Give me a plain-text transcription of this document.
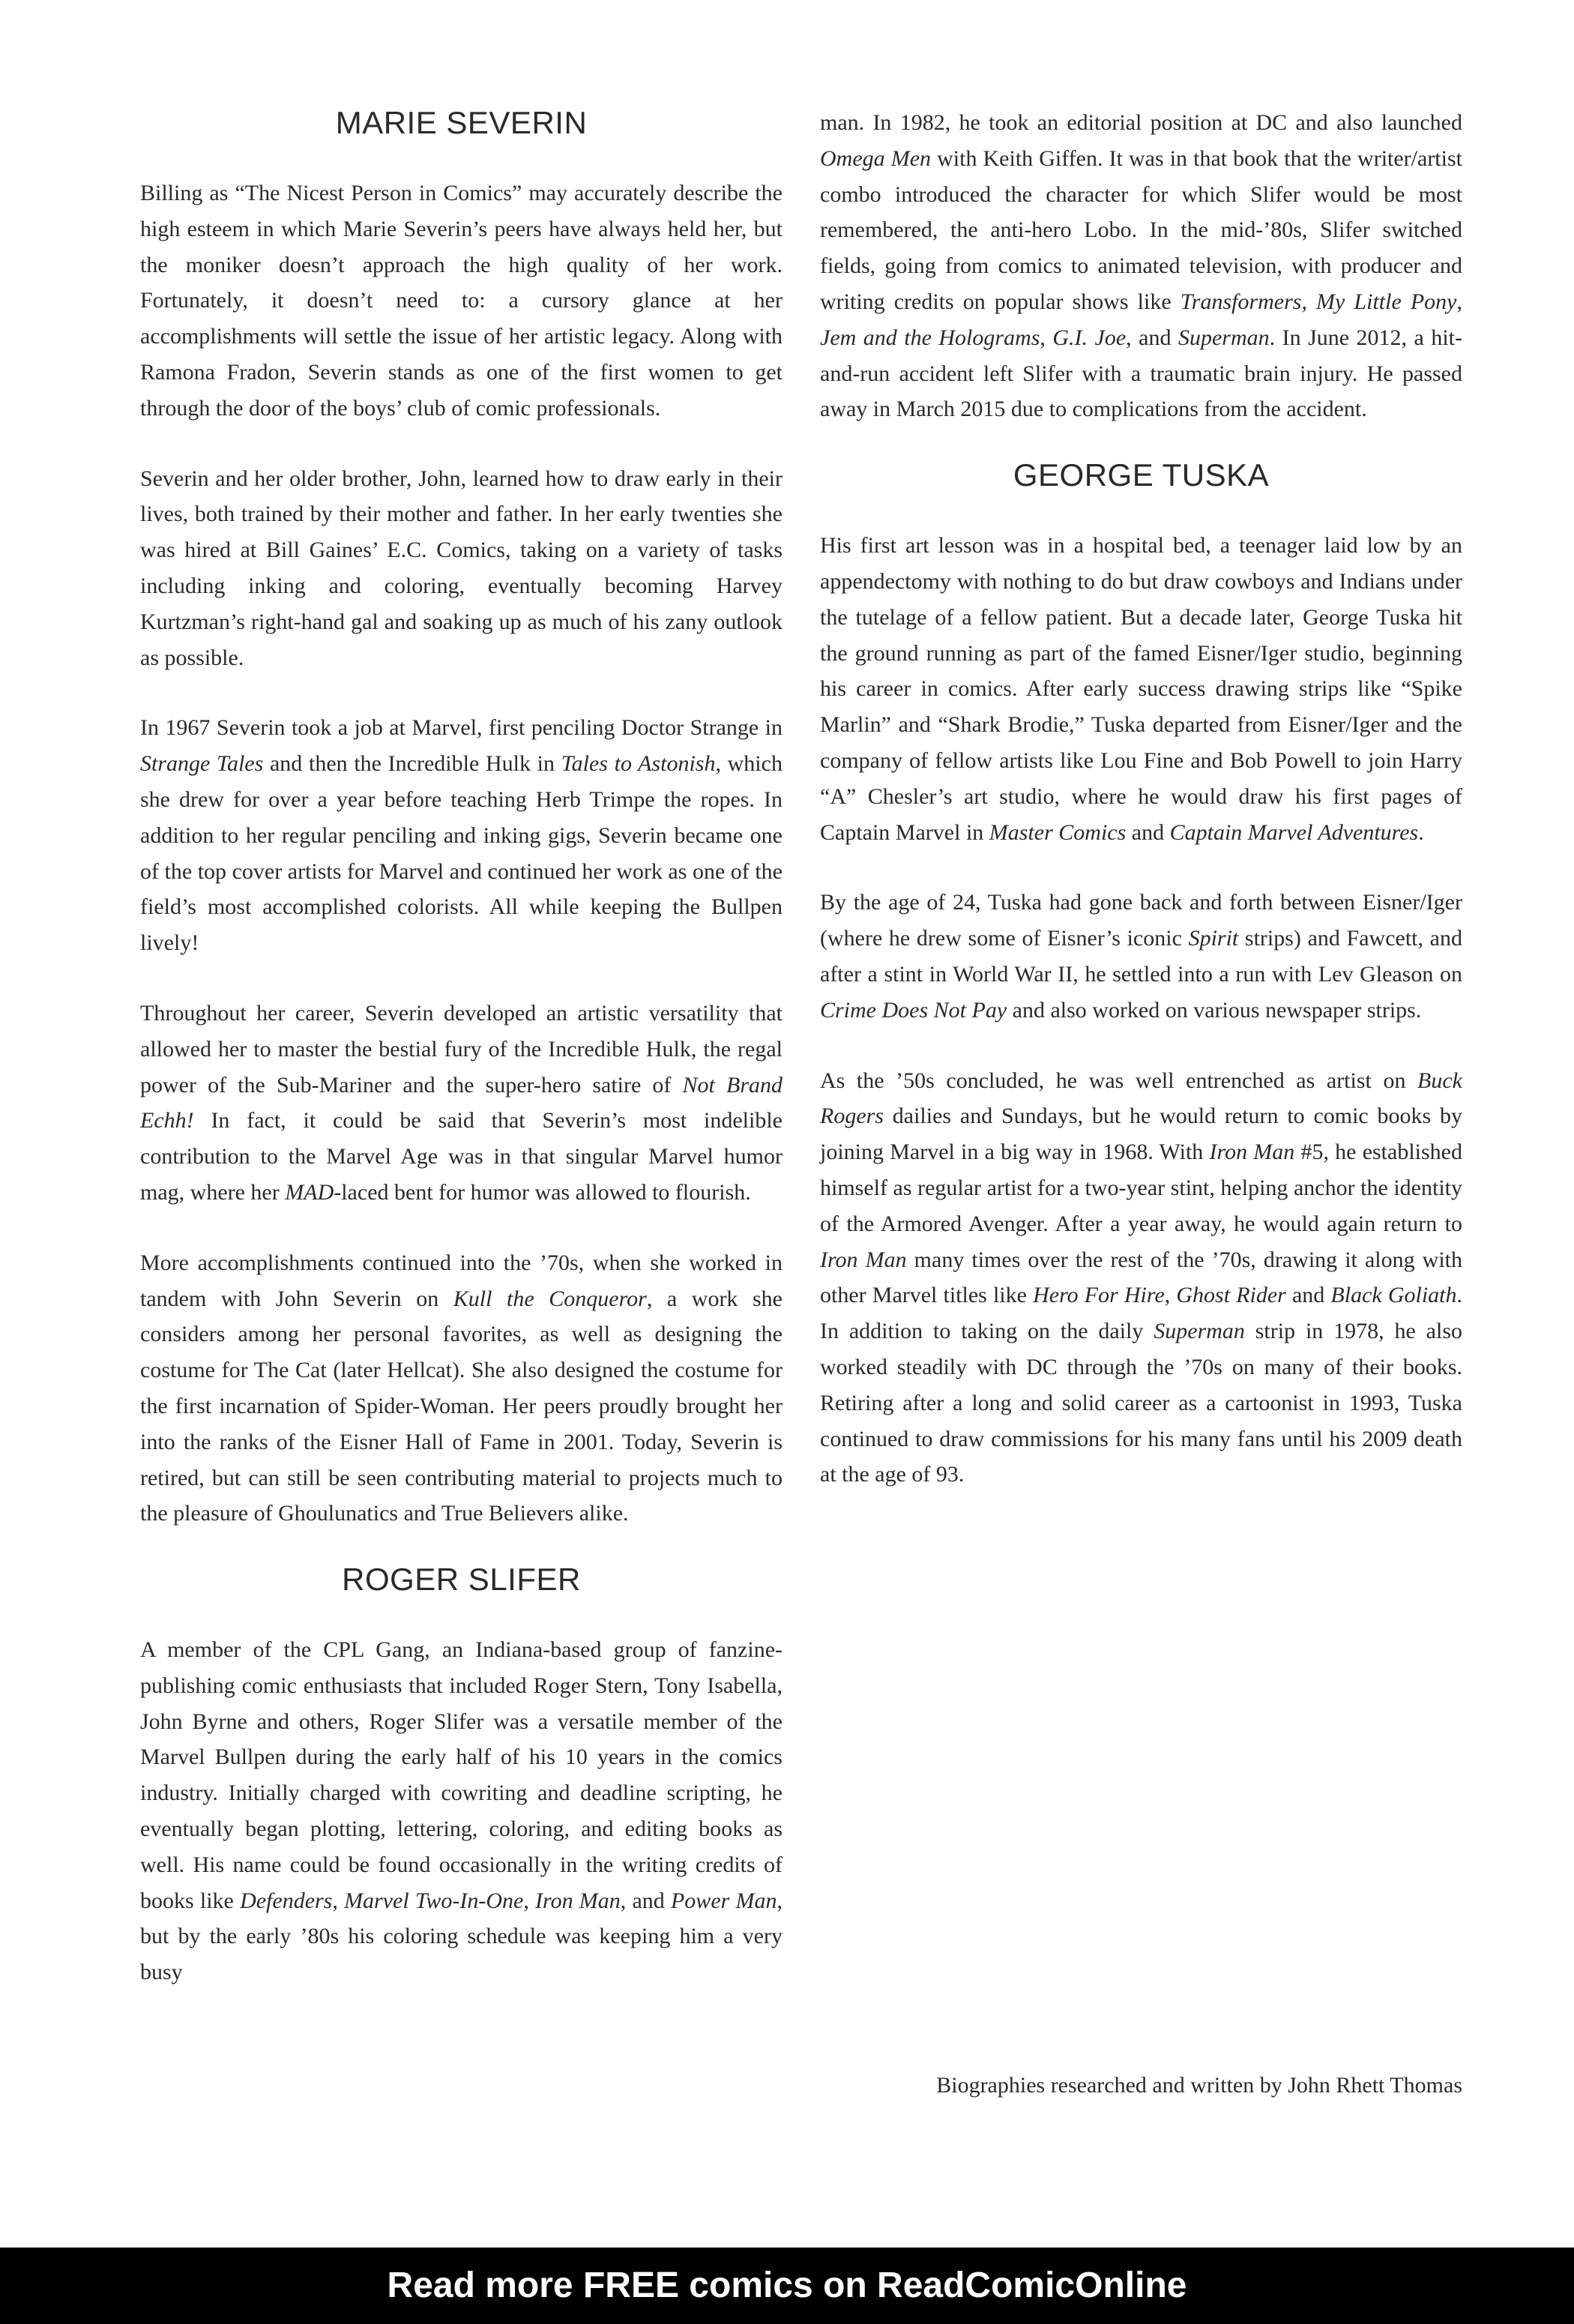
MARIE SEVERIN

Billing as “The Nicest Person in Comics” may accurately describe the high esteem in which Marie Severin’s peers have always held her, but the moniker doesn’t approach the high quality of her work. Fortunately, it doesn’t need to: a cursory glance at her accomplishments will settle the issue of her artistic legacy. Along with Ramona Fradon, Severin stands as one of the first women to get through the door of the boys’ club of comic professionals.

Severin and her older brother, John, learned how to draw early in their lives, both trained by their mother and father. In her early twenties she was hired at Bill Gaines’ E.C. Comics, taking on a variety of tasks including inking and coloring, eventually becoming Harvey Kurtzman’s right-hand gal and soaking up as much of his zany outlook as possible.

In 1967 Severin took a job at Marvel, first penciling Doctor Strange in Strange Tales and then the Incredible Hulk in Tales to Astonish, which she drew for over a year before teaching Herb Trimpe the ropes. In addition to her regular penciling and inking gigs, Severin became one of the top cover artists for Marvel and continued her work as one of the field’s most accomplished colorists. All while keeping the Bullpen lively!

Throughout her career, Severin developed an artistic versatility that allowed her to master the bestial fury of the Incredible Hulk, the regal power of the Sub-Mariner and the super-hero satire of Not Brand Echh! In fact, it could be said that Severin’s most indelible contribution to the Marvel Age was in that singular Marvel humor mag, where her MAD-laced bent for humor was allowed to flourish.

More accomplishments continued into the ’70s, when she worked in tandem with John Severin on Kull the Conqueror, a work she considers among her personal favorites, as well as designing the costume for The Cat (later Hellcat). She also designed the costume for the first incarnation of Spider-Woman. Her peers proudly brought her into the ranks of the Eisner Hall of Fame in 2001. Today, Severin is retired, but can still be seen contributing material to projects much to the pleasure of Ghoulunatics and True Believers alike.

ROGER SLIFER

A member of the CPL Gang, an Indiana-based group of fanzine-publishing comic enthusiasts that included Roger Stern, Tony Isabella, John Byrne and others, Roger Slifer was a versatile member of the Marvel Bullpen during the early half of his 10 years in the comics industry. Initially charged with cowriting and deadline scripting, he eventually began plotting, lettering, coloring, and editing books as well. His name could be found occasionally in the writing credits of books like Defenders, Marvel Two-In-One, Iron Man, and Power Man, but by the early ’80s his coloring schedule was keeping him a very busy

man. In 1982, he took an editorial position at DC and also launched Omega Men with Keith Giffen. It was in that book that the writer/artist combo introduced the character for which Slifer would be most remembered, the anti-hero Lobo. In the mid-’80s, Slifer switched fields, going from comics to animated television, with producer and writing credits on popular shows like Transformers, My Little Pony, Jem and the Holograms, G.I. Joe, and Superman. In June 2012, a hit-and-run accident left Slifer with a traumatic brain injury. He passed away in March 2015 due to complications from the accident.

GEORGE TUSKA

His first art lesson was in a hospital bed, a teenager laid low by an appendectomy with nothing to do but draw cowboys and Indians under the tutelage of a fellow patient. But a decade later, George Tuska hit the ground running as part of the famed Eisner/Iger studio, beginning his career in comics. After early success drawing strips like “Spike Marlin” and “Shark Brodie,” Tuska departed from Eisner/Iger and the company of fellow artists like Lou Fine and Bob Powell to join Harry “A” Chesler’s art studio, where he would draw his first pages of Captain Marvel in Master Comics and Captain Marvel Adventures.

By the age of 24, Tuska had gone back and forth between Eisner/Iger (where he drew some of Eisner’s iconic Spirit strips) and Fawcett, and after a stint in World War II, he settled into a run with Lev Gleason on Crime Does Not Pay and also worked on various newspaper strips.

As the ’50s concluded, he was well entrenched as artist on Buck Rogers dailies and Sundays, but he would return to comic books by joining Marvel in a big way in 1968. With Iron Man #5, he established himself as regular artist for a two-year stint, helping anchor the identity of the Armored Avenger. After a year away, he would again return to Iron Man many times over the rest of the ’70s, drawing it along with other Marvel titles like Hero For Hire, Ghost Rider and Black Goliath. In addition to taking on the daily Superman strip in 1978, he also worked steadily with DC through the ’70s on many of their books. Retiring after a long and solid career as a cartoonist in 1993, Tuska continued to draw commissions for his many fans until his 2009 death at the age of 93.

Biographies researched and written by John Rhett Thomas
Read more FREE comics on ReadComicOnline
